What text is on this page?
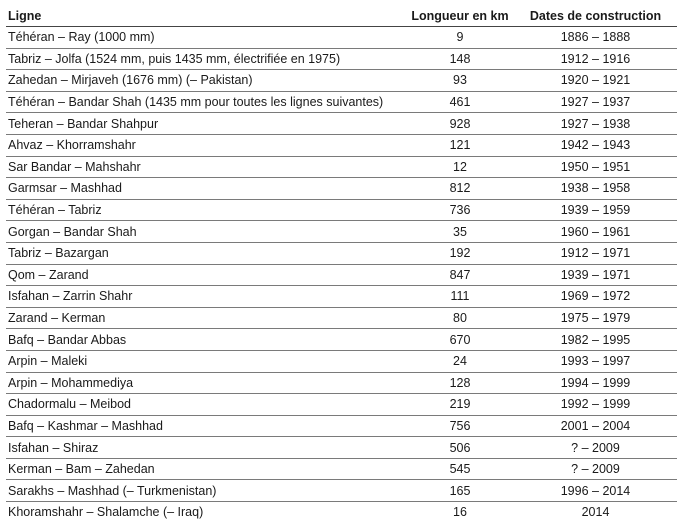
Ligne	Longueur en km	Dates de construction
Téhéran – Ray (1000 mm)	9	1886 – 1888
Tabriz – Jolfa (1524 mm, puis 1435 mm, électrifiée en 1975)	148	1912 – 1916
Zahedan – Mirjaveh (1676 mm) (– Pakistan)	93	1920 – 1921
Téhéran – Bandar Shah (1435 mm pour toutes les lignes suivantes)	461	1927 – 1937
Teheran – Bandar Shahpur	928	1927 – 1938
Ahvaz – Khorramshahr	121	1942 – 1943
Sar Bandar – Mahshahr	12	1950 – 1951
Garmsar – Mashhad	812	1938 – 1958
Téhéran – Tabriz	736	1939 – 1959
Gorgan – Bandar Shah	35	1960 – 1961
Tabriz – Bazargan	192	1912 – 1971
Qom – Zarand	847	1939 – 1971
Isfahan – Zarrin Shahr	111	1969 – 1972
Zarand – Kerman	80	1975 – 1979
Bafq – Bandar Abbas	670	1982 – 1995
Arpin – Maleki	24	1993 – 1997
Arpin – Mohammediya	128	1994 – 1999
Chadormalu – Meibod	219	1992 – 1999
Bafq – Kashmar – Mashhad	756	2001 – 2004
Isfahan – Shiraz	506	? – 2009
Kerman – Bam – Zahedan	545	? – 2009
Sarakhs – Mashhad (– Turkmenistan)	165	1996 – 2014
Khoramshahr – Shalamche (– Iraq)	16	2014
